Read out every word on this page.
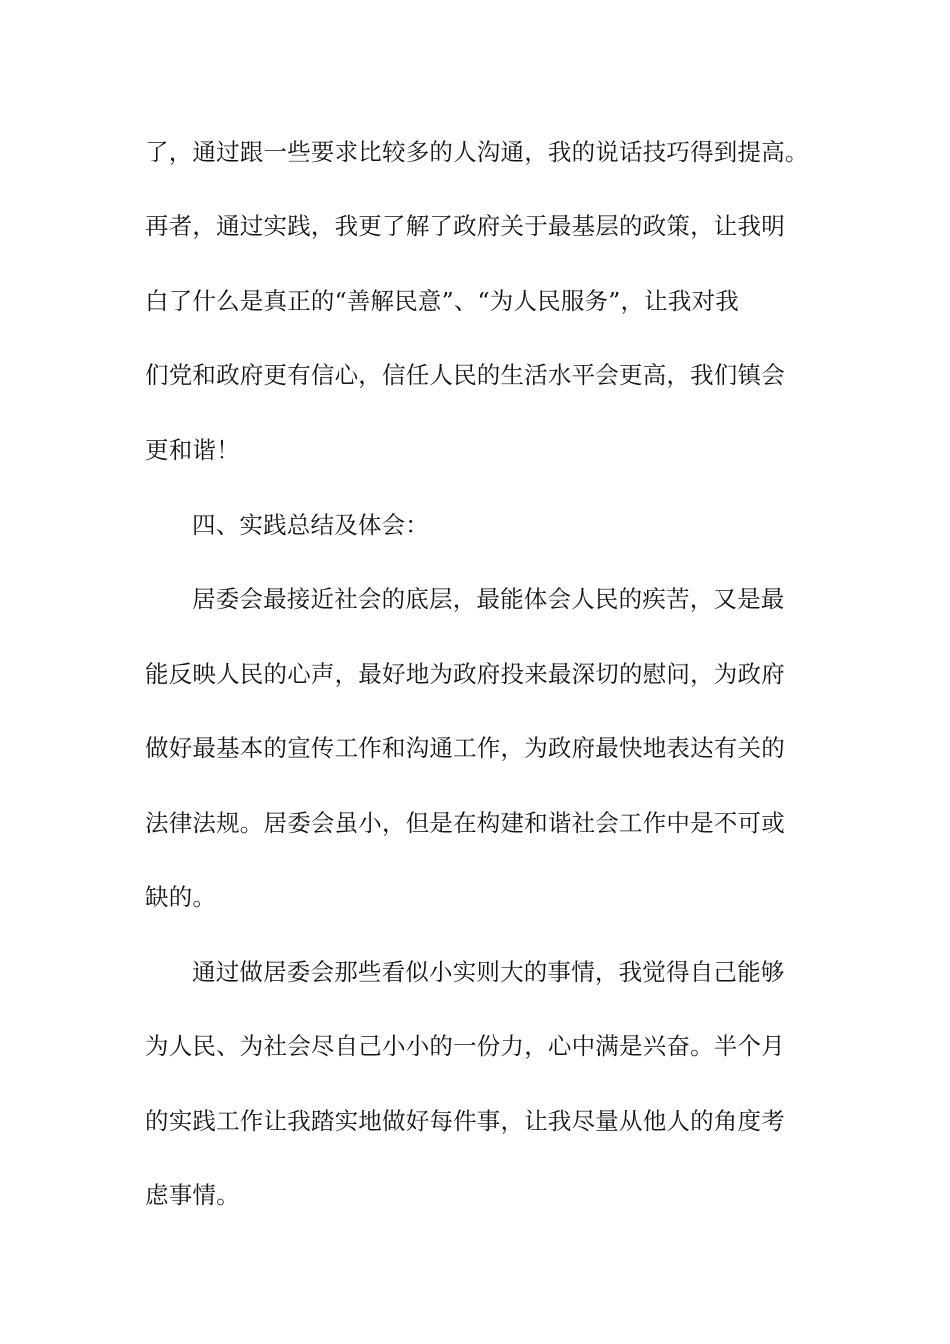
了，通过跟一些要求比较多的人沟通，我的说话技巧得到提高。
再者，通过实践，我更了解了政府关于最基层的政策，让我明
白了什么是真正的“善解民意”、“为人民服务”，让我对我
们党和政府更有信心，信任人民的生活水平会更高，我们镇会
更和谐！
四、实践总结及体会：
居委会最接近社会的底层，最能体会人民的疾苦，又是最
能反映人民的心声，最好地为政府投来最深切的慰问，为政府
做好最基本的宣传工作和沟通工作，为政府最快地表达有关的
法律法规。居委会虽小，但是在构建和谐社会工作中是不可或
缺的。
通过做居委会那些看似小实则大的事情，我觉得自己能够
为人民、为社会尽自己小小的一份力，心中满是兴奋。半个月
的实践工作让我踏实地做好每件事，让我尽量从他人的角度考
虑事情。
